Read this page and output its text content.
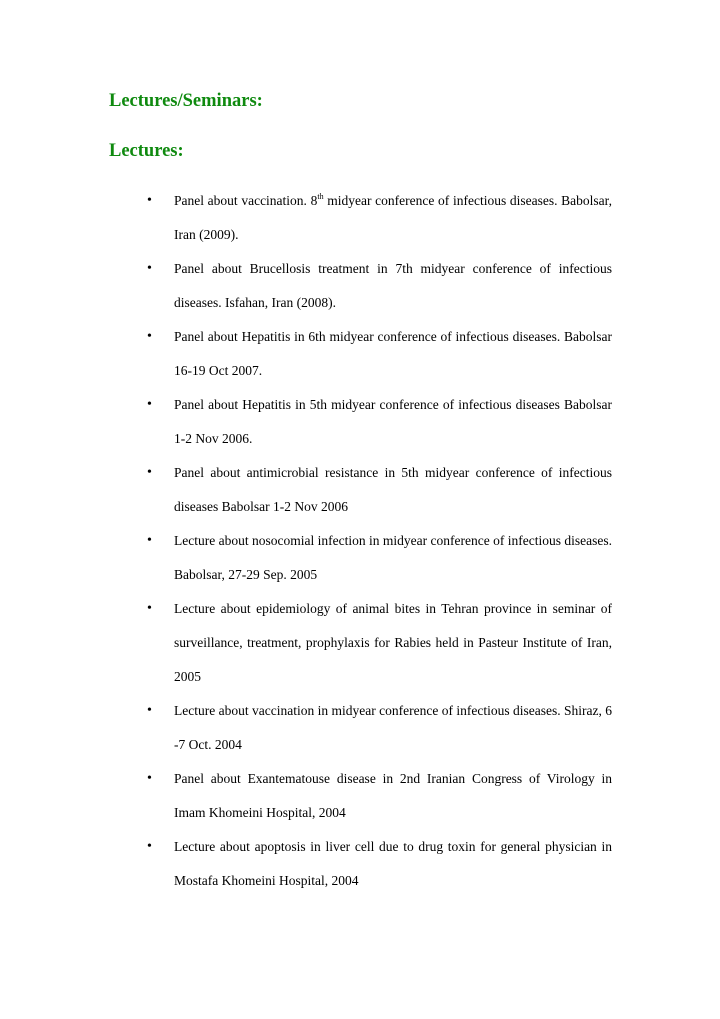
Lectures/Seminars:
Lectures:
• Panel about vaccination. 8th midyear conference of infectious diseases. Babolsar, Iran (2009).
• Panel about Brucellosis treatment in 7th midyear conference of infectious diseases. Isfahan, Iran (2008).
• Panel about Hepatitis in 6th midyear conference of infectious diseases. Babolsar 16-19 Oct 2007.
• Panel about Hepatitis in 5th midyear conference of infectious diseases Babolsar 1-2 Nov 2006.
• Panel about antimicrobial resistance in 5th midyear conference of infectious diseases Babolsar 1-2 Nov 2006
• Lecture about nosocomial infection in midyear conference of infectious diseases. Babolsar, 27-29 Sep. 2005
• Lecture about epidemiology of animal bites in Tehran province in seminar of surveillance, treatment, prophylaxis for Rabies held in Pasteur Institute of Iran, 2005
• Lecture about vaccination in midyear conference of infectious diseases. Shiraz, 6 -7 Oct. 2004
• Panel about Exantematouse disease in 2nd Iranian Congress of Virology in Imam Khomeini Hospital, 2004
• Lecture about apoptosis in liver cell due to drug toxin for general physician in Mostafa Khomeini Hospital, 2004
